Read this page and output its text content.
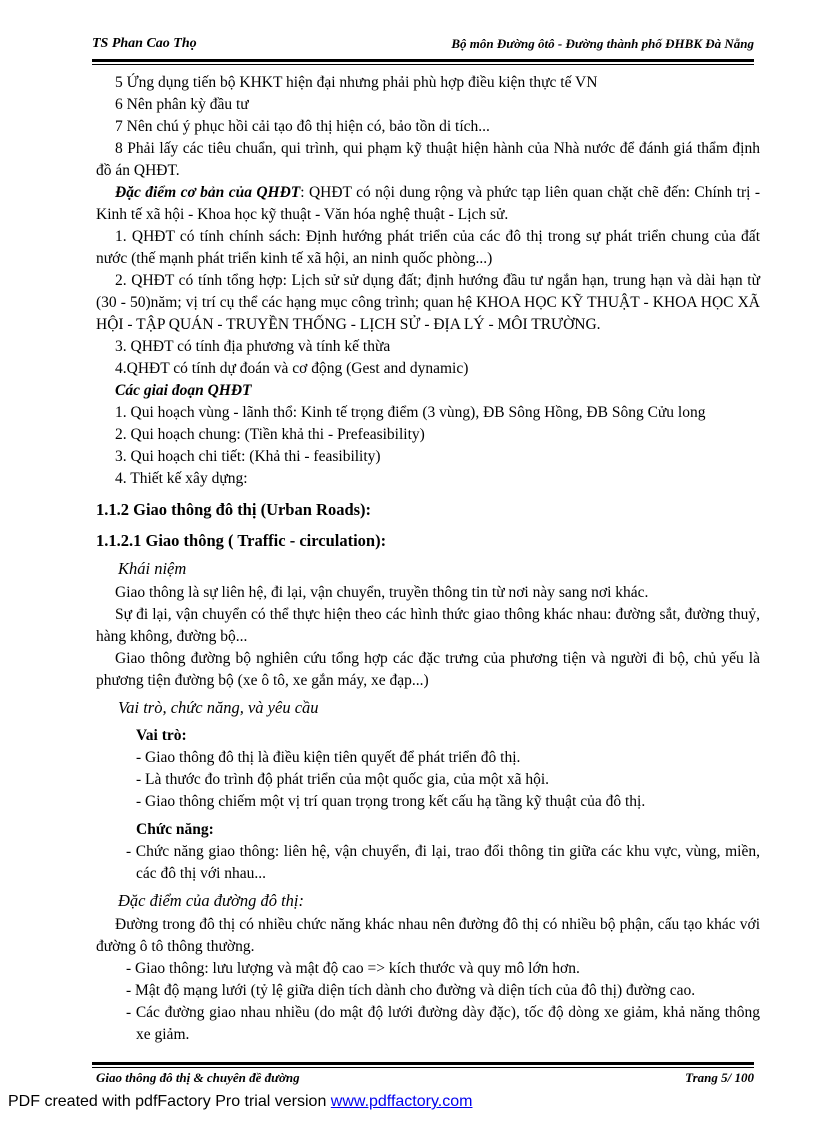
TS Phan Cao Thọ	Bộ môn Đường ôtô - Đường thành phố ĐHBK Đà Nẵng

5 Ứng dụng tiến bộ KHKT hiện đại nhưng phải phù hợp điều kiện thực tế VN

6 Nên phân kỳ đầu tư

7 Nên chú ý phục hồi cải tạo đô thị hiện có, bảo tồn di tích...

8 Phải lấy các tiêu chuẩn, qui trình, qui phạm kỹ thuật hiện hành của Nhà nước để đánh giá thẩm định đồ án QHĐT.

Đặc điểm cơ bản của QHĐT: QHĐT có nội dung rộng và phức tạp liên quan chặt chẽ đến: Chính trị - Kinh tế xã hội - Khoa học kỹ thuật - Văn hóa nghệ thuật - Lịch sử.

1. QHĐT có tính chính sách: Định hướng phát triển của các đô thị trong sự phát triển chung của đất nước (thế mạnh phát triển kinh tế xã hội, an ninh quốc phòng...)

2. QHĐT có tính tổng hợp: Lịch sử sử dụng đất; định hướng đầu tư ngắn hạn, trung hạn và dài hạn từ (30 - 50)năm; vị trí cụ thể các hạng mục công trình; quan hệ KHOA HỌC KỸ THUẬT - KHOA HỌC XÃ HỘI - TẬP QUÁN - TRUYỀN THỐNG - LỊCH SỬ - ĐỊA LÝ - MÔI TRƯỜNG.

3. QHĐT có tính địa phương và tính kế thừa

4.QHĐT có tính dự đoán và cơ động (Gest and dynamic)

Các giai đoạn QHĐT

1. Qui hoạch vùng - lãnh thổ: Kinh tế trọng điểm (3 vùng), ĐB Sông Hồng, ĐB Sông Cửu long

2. Qui hoạch chung: (Tiền khả thi - Prefeasibility)

3. Qui hoạch chi tiết: (Khả thi - feasibility)

4. Thiết kế xây dựng:

1.1.2 Giao thông đô thị (Urban Roads):
1.1.2.1 Giao thông ( Traffic - circulation):
Khái niệm

Giao thông là sự liên hệ, đi lại, vận chuyển, truyền thông tin từ nơi này sang nơi khác.

Sự đi lại, vận chuyển có thể thực hiện theo các hình thức giao thông khác nhau: đường sắt, đường thuỷ, hàng không, đường bộ...

Giao thông đường bộ nghiên cứu tổng hợp các đặc trưng của phương tiện và người đi bộ, chủ yếu là phương tiện đường bộ (xe ô tô, xe gắn máy, xe đạp...)

Vai trò, chức năng, và yêu cầu
Vai trò:

- Giao thông đô thị là điều kiện tiên quyết để phát triển đô thị.

- Là thước đo trình độ phát triển của một quốc gia, của một xã hội.

- Giao thông chiếm một vị trí quan trọng trong kết cấu hạ tầng kỹ thuật của đô thị.

Chức năng:

- Chức năng giao thông: liên hệ, vận chuyển, đi lại, trao đổi thông tin giữa các khu vực, vùng, miền, các đô thị với nhau...

Đặc điểm của đường đô thị:

Đường trong đô thị có nhiều chức năng khác nhau nên đường đô thị có nhiều bộ phận, cấu tạo khác với đường ô tô thông thường.

- Giao thông: lưu lượng và mật độ cao => kích thước và quy mô lớn hơn.

- Mật độ mạng lưới (tỷ lệ giữa diện tích dành cho đường và diện tích của đô thị) đường cao.

- Các đường giao nhau nhiều (do mật độ lưới đường dày đặc), tốc độ dòng xe giảm, khả năng thông xe giảm.

Giao thông đô thị & chuyên đề đường	Trang 5/ 100
PDF created with pdfFactory Pro trial version www.pdffactory.com
